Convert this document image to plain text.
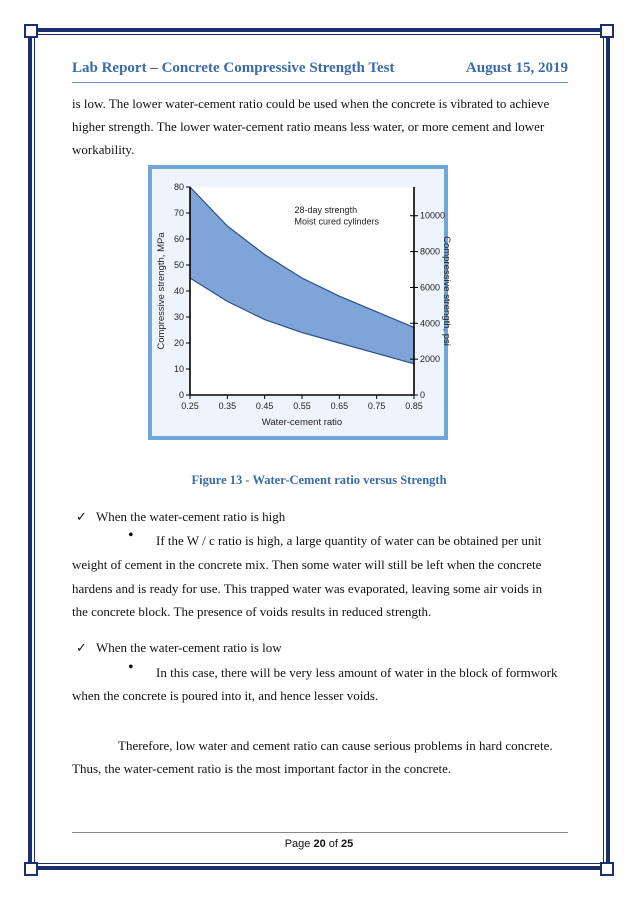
Lab Report – Concrete Compressive Strength Test	August 15, 2019
is low. The lower water-cement ratio could be used when the concrete is vibrated to achieve
higher strength. The lower water-cement ratio means less water, or more cement and lower
workability.
0
10
20
30
40
50
60
70
80
0
2000
4000
6000
8000
10000
0.25 0.35 0.45 0.55 0.65 0.75 0.85
Water-cement ratio
Compressive strength, MPa	Compressive strength, psi
28-day strength
Moist cured cylinders
Figure 13 - Water-Cement ratio versus Strength
✓ When the water-cement ratio is high
• If the W / c ratio is high, a large quantity of water can be obtained per unit
weight of cement in the concrete mix. Then some water will still be left when the concrete
hardens and is ready for use. This trapped water was evaporated, leaving some air voids in
the concrete block. The presence of voids results in reduced strength.
✓ When the water-cement ratio is low
• In this case, there will be very less amount of water in the block of formwork
when the concrete is poured into it, and hence lesser voids.
Therefore, low water and cement ratio can cause serious problems in hard concrete.
Thus, the water-cement ratio is the most important factor in the concrete.
Page 20 of 25
